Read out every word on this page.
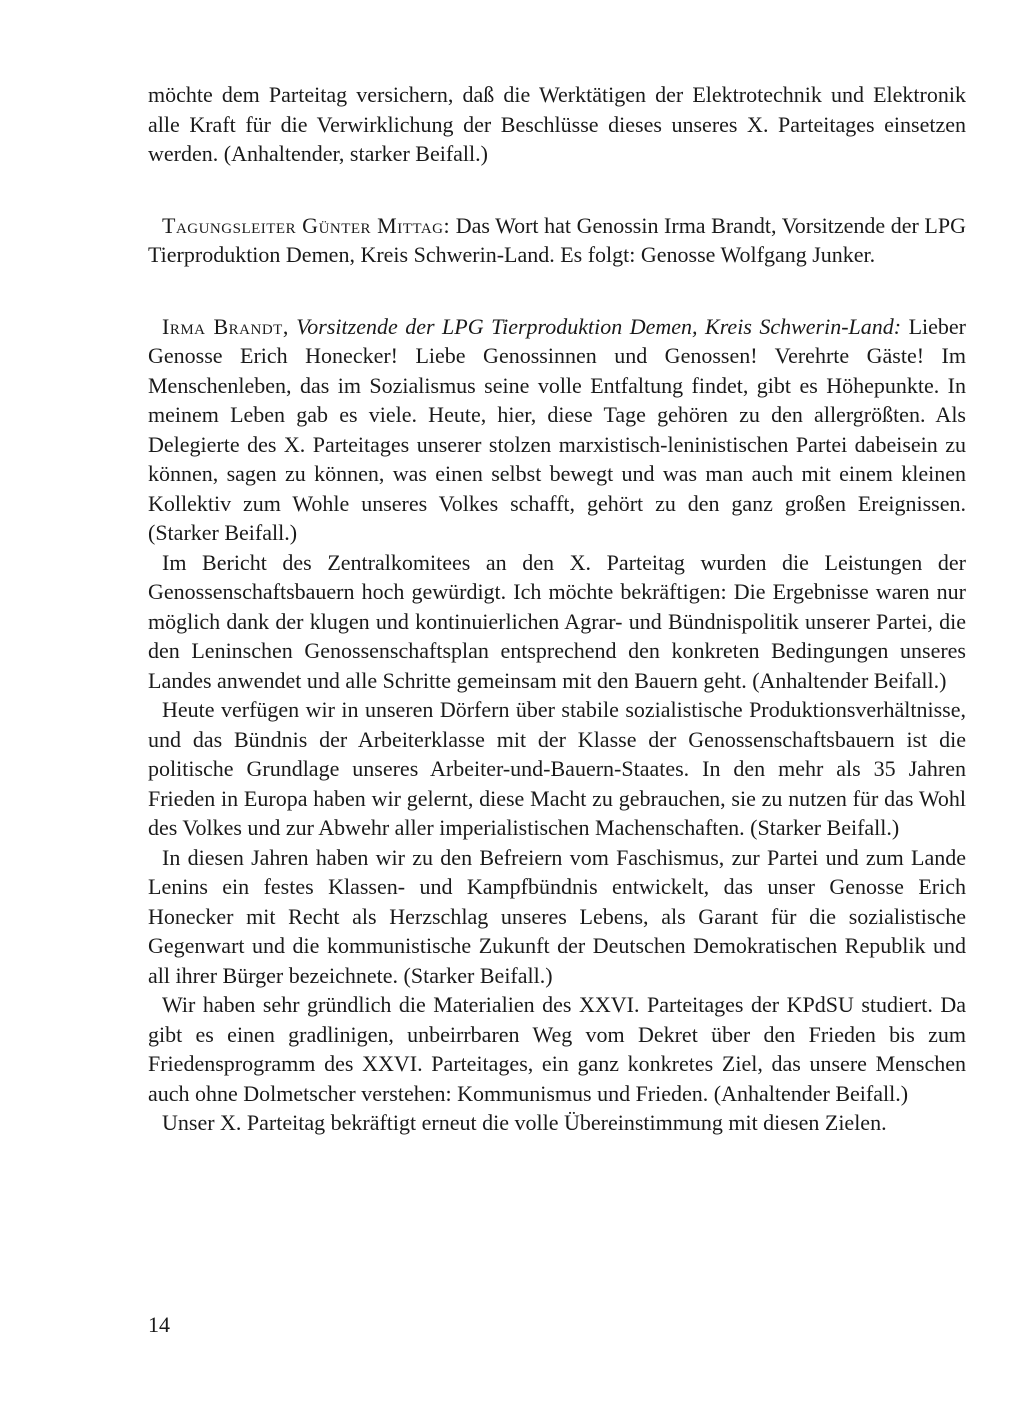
möchte dem Parteitag versichern, daß die Werktätigen der Elektrotechnik und Elektronik alle Kraft für die Verwirklichung der Beschlüsse dieses unseres X. Parteitages einsetzen werden. (Anhaltender, starker Beifall.)

Tagungsleiter Günter Mittag: Das Wort hat Genossin Irma Brandt, Vorsitzende der LPG Tierproduktion Demen, Kreis Schwerin-Land. Es folgt: Genosse Wolfgang Junker.

Irma Brandt, Vorsitzende der LPG Tierproduktion Demen, Kreis Schwerin-Land: Lieber Genosse Erich Honecker! Liebe Genossinnen und Genossen! Verehrte Gäste! Im Menschenleben, das im Sozialismus seine volle Entfaltung findet, gibt es Höhepunkte. In meinem Leben gab es viele. Heute, hier, diese Tage gehören zu den allergrößten. Als Delegierte des X. Parteitages unserer stolzen marxistisch-leninistischen Partei dabeisein zu können, sagen zu können, was einen selbst bewegt und was man auch mit einem kleinen Kollektiv zum Wohle unseres Volkes schafft, gehört zu den ganz großen Ereignissen. (Starker Beifall.)

Im Bericht des Zentralkomitees an den X. Parteitag wurden die Leistungen der Genossenschaftsbauern hoch gewürdigt. Ich möchte bekräftigen: Die Ergebnisse waren nur möglich dank der klugen und kontinuierlichen Agrar- und Bündnispolitik unserer Partei, die den Leninschen Genossenschaftsplan entsprechend den konkreten Bedingungen unseres Landes anwendet und alle Schritte gemeinsam mit den Bauern geht. (Anhaltender Beifall.)

Heute verfügen wir in unseren Dörfern über stabile sozialistische Produktionsverhältnisse, und das Bündnis der Arbeiterklasse mit der Klasse der Genossenschaftsbauern ist die politische Grundlage unseres Arbeiter-und-Bauern-Staates. In den mehr als 35 Jahren Frieden in Europa haben wir gelernt, diese Macht zu gebrauchen, sie zu nutzen für das Wohl des Volkes und zur Abwehr aller imperialistischen Machenschaften. (Starker Beifall.)

In diesen Jahren haben wir zu den Befreiern vom Faschismus, zur Partei und zum Lande Lenins ein festes Klassen- und Kampfbündnis entwickelt, das unser Genosse Erich Honecker mit Recht als Herzschlag unseres Lebens, als Garant für die sozialistische Gegenwart und die kommunistische Zukunft der Deutschen Demokratischen Republik und all ihrer Bürger bezeichnete. (Starker Beifall.)

Wir haben sehr gründlich die Materialien des XXVI. Parteitages der KPdSU studiert. Da gibt es einen gradlinigen, unbeirrbaren Weg vom Dekret über den Frieden bis zum Friedensprogramm des XXVI. Parteitages, ein ganz konkretes Ziel, das unsere Menschen auch ohne Dolmetscher verstehen: Kommunismus und Frieden. (Anhaltender Beifall.)

Unser X. Parteitag bekräftigt erneut die volle Übereinstimmung mit diesen Zielen.

14
